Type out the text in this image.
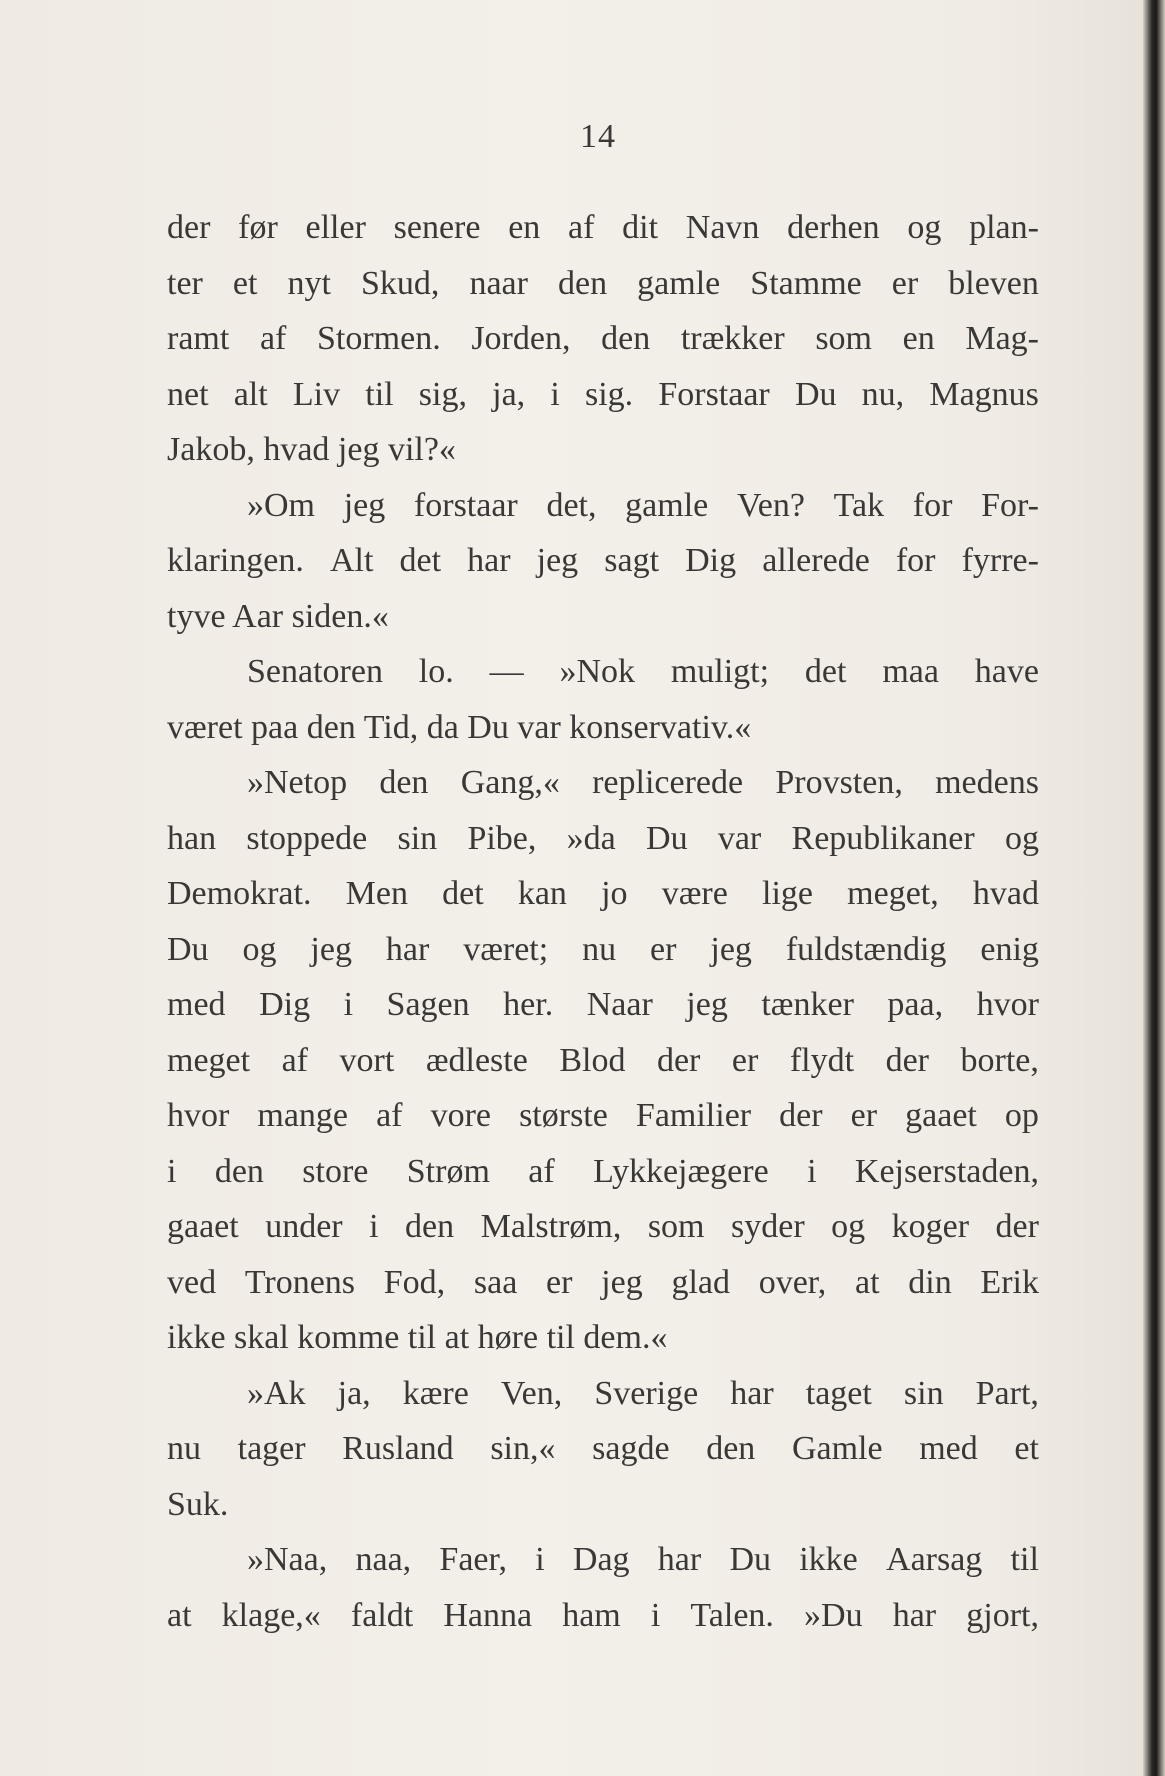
14
der før eller senere en af dit Navn derhen og plan-
ter et nyt Skud, naar den gamle Stamme er bleven
ramt af Stormen. Jorden, den trækker som en Mag-
net alt Liv til sig, ja, i sig. Forstaar Du nu, Magnus
Jakob, hvad jeg vil?«
»Om jeg forstaar det, gamle Ven? Tak for For-
klaringen. Alt det har jeg sagt Dig allerede for fyrre-
tyve Aar siden.«
Senatoren lo. — »Nok muligt; det maa have
været paa den Tid, da Du var konservativ.«
»Netop den Gang,« replicerede Provsten, medens
han stoppede sin Pibe, »da Du var Republikaner og
Demokrat. Men det kan jo være lige meget, hvad
Du og jeg har været; nu er jeg fuldstændig enig
med Dig i Sagen her. Naar jeg tænker paa, hvor
meget af vort ædleste Blod der er flydt der borte,
hvor mange af vore største Familier der er gaaet op
i den store Strøm af Lykkejægere i Kejserstaden,
gaaet under i den Malstrøm, som syder og koger der
ved Tronens Fod, saa er jeg glad over, at din Erik
ikke skal komme til at høre til dem.«
»Ak ja, kære Ven, Sverige har taget sin Part,
nu tager Rusland sin,« sagde den Gamle med et
Suk.
»Naa, naa, Faer, i Dag har Du ikke Aarsag til
at klage,« faldt Hanna ham i Talen. »Du har gjort,
